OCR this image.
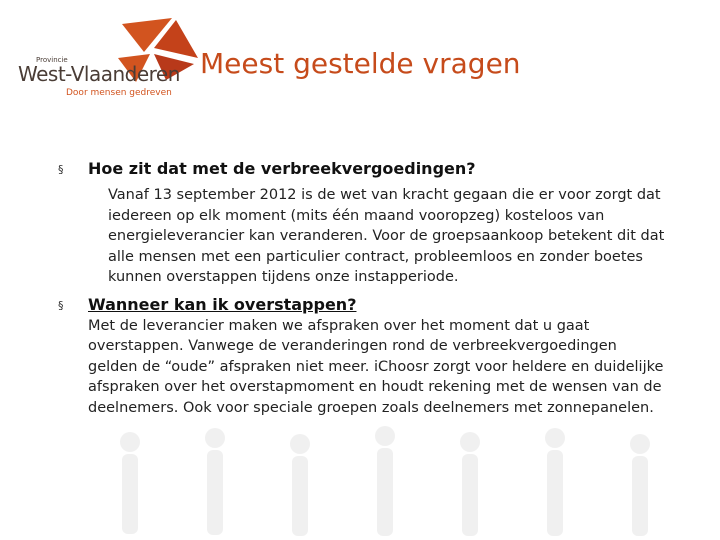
Provincie
West-Vlaanderen
Door mensen gedreven
Meest gestelde vragen
§ Hoe zit dat met de verbreekvergoedingen?
Vanaf 13 september 2012 is de wet van kracht gegaan die er voor zorgt dat iedereen op elk moment (mits één maand vooropzeg) kosteloos van energieleverancier kan veranderen. Voor de groepsaankoop betekent dit dat alle mensen met een particulier contract, probleemloos en zonder boetes kunnen overstappen tijdens onze instapperiode.
§ Wanneer kan ik overstappen?
Met de leverancier maken we afspraken over het moment dat u gaat overstappen. Vanwege de veranderingen rond de verbreekvergoedingen gelden de “oude” afspraken niet meer. iChoosr zorgt voor heldere en duidelijke afspraken over het overstapmoment en houdt rekening met de wensen van de deelnemers. Ook voor speciale groepen zoals deelnemers met zonnepanelen.
